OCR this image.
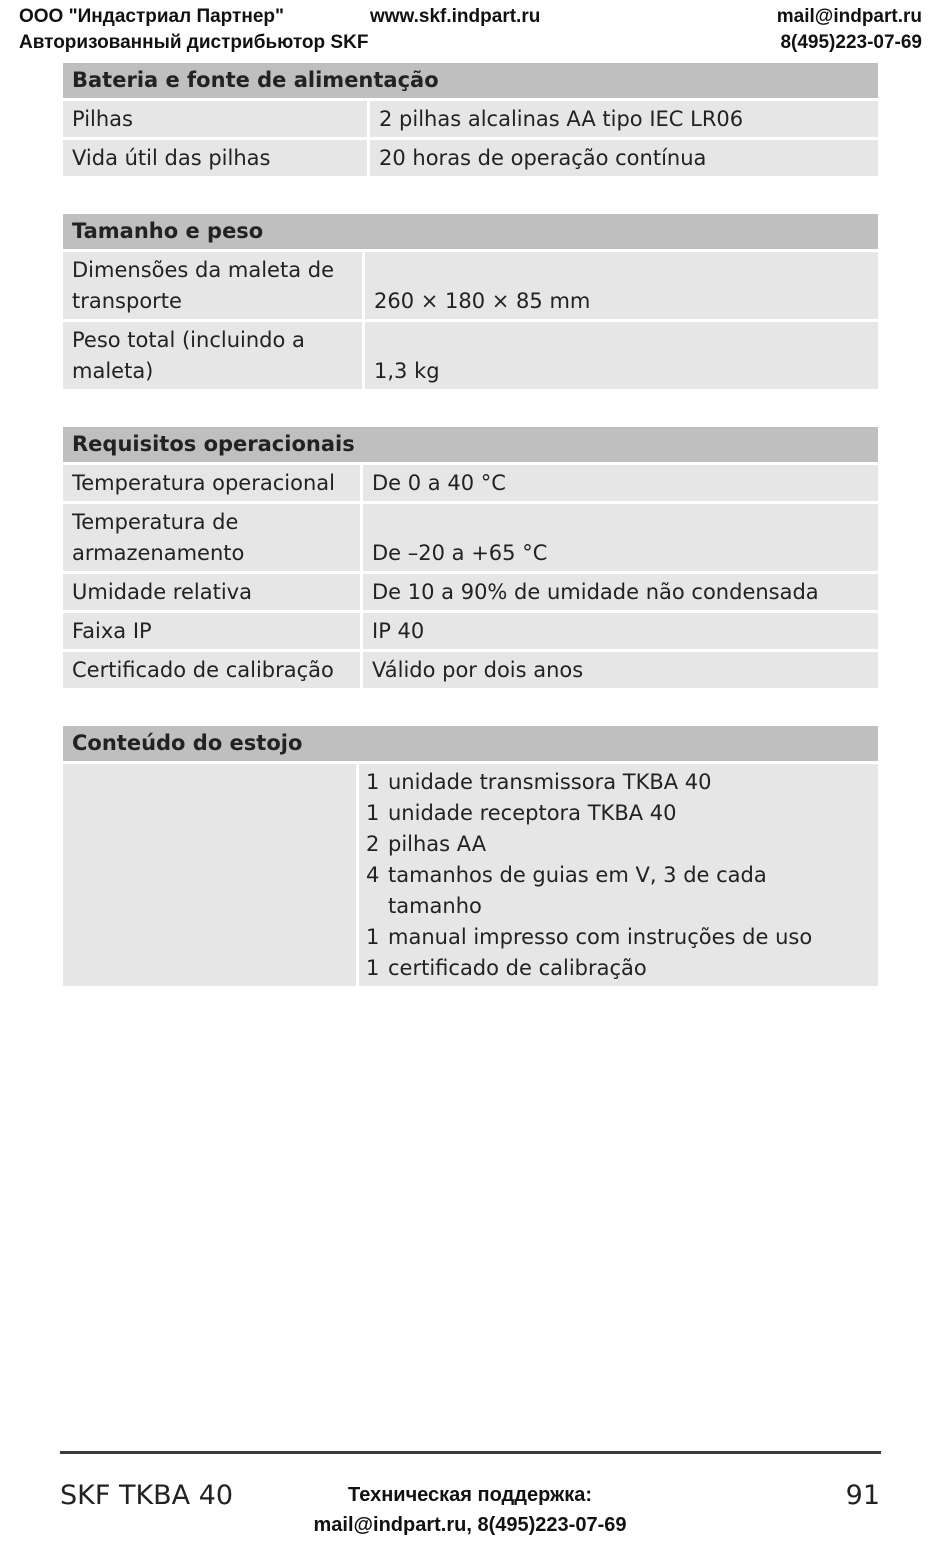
ООО "Индастриал Партнер"	www.skf.indpart.ru	mail@indpart.ru
Авторизованный дистрибьютор SKF	8(495)223-07-69
Bateria e fonte de alimentação
Pilhas	2 pilhas alcalinas AA tipo IEC LR06
Vida útil das pilhas	20 horas de operação contínua
Tamanho e peso
Dimensões da maleta de transporte	260 × 180 × 85 mm
Peso total (incluindo a maleta)	1,3 kg
Requisitos operacionais
Temperatura operacional	De 0 a 40 °C
Temperatura de armazenamento	De –20 a +65 °C
Umidade relativa	De 10 a 90% de umidade não condensada
Faixa IP	IP 40
Certificado de calibração	Válido por dois anos
Conteúdo do estojo
1 unidade transmissora TKBA 40
1 unidade receptora TKBA 40
2 pilhas AA
4 tamanhos de guias em V, 3 de cada tamanho
1 manual impresso com instruções de uso
1 certificado de calibração
SKF TKBA 40	Техническая поддержка:
mail@indpart.ru, 8(495)223-07-69
91
